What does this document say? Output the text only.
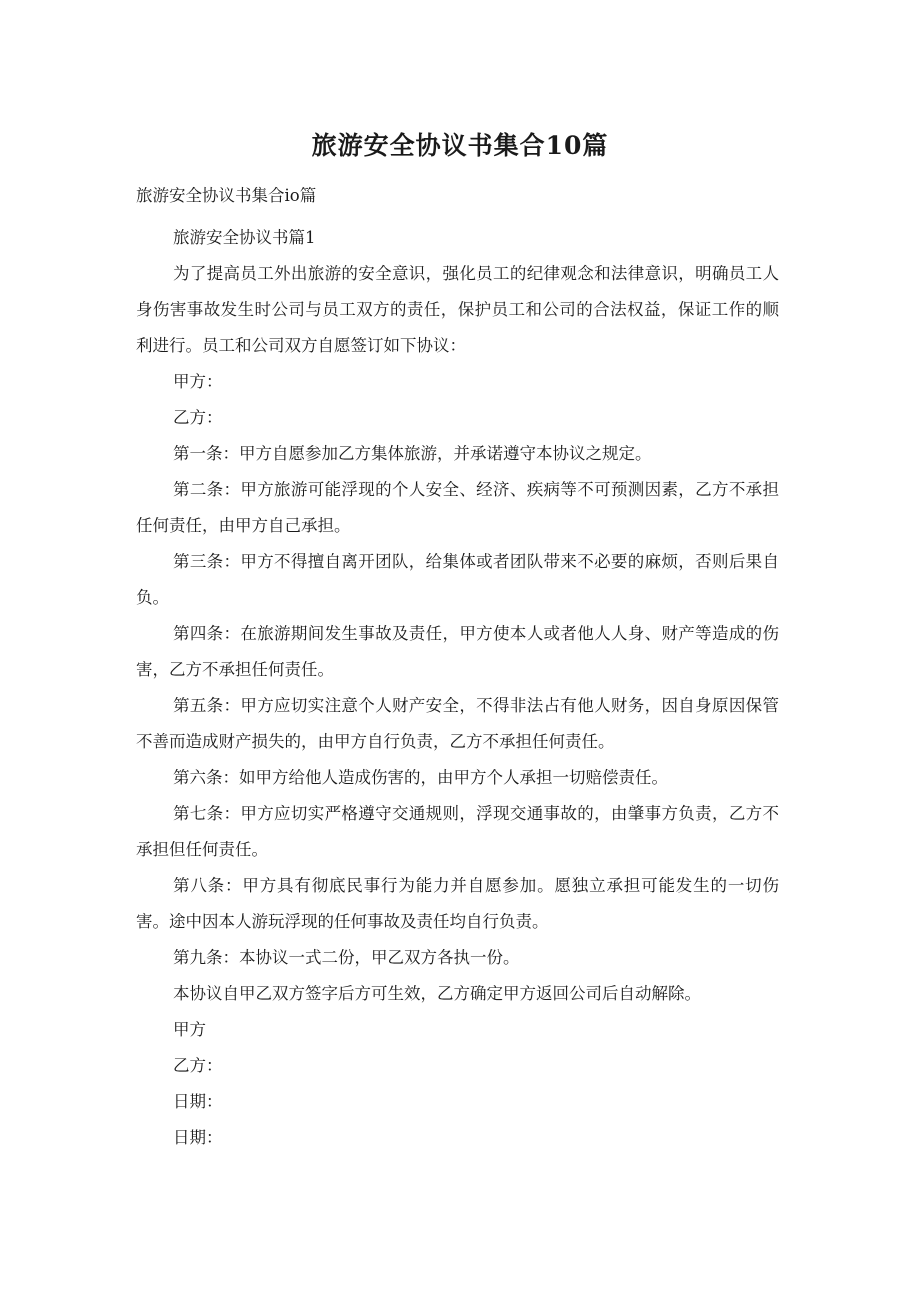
旅游安全协议书集合10篇

旅游安全协议书集合io篇

旅游安全协议书篇1

为了提高员工外出旅游的安全意识，强化员工的纪律观念和法律意识，明确员工人身伤害事故发生时公司与员工双方的责任，保护员工和公司的合法权益，保证工作的顺利进行。员工和公司双方自愿签订如下协议：

甲方：

乙方：

第一条：甲方自愿参加乙方集体旅游，并承诺遵守本协议之规定。

第二条：甲方旅游可能浮现的个人安全、经济、疾病等不可预测因素，乙方不承担任何责任，由甲方自己承担。

第三条：甲方不得擅自离开团队，给集体或者团队带来不必要的麻烦，否则后果自负。

第四条：在旅游期间发生事故及责任，甲方使本人或者他人人身、财产等造成的伤害，乙方不承担任何责任。

第五条：甲方应切实注意个人财产安全，不得非法占有他人财务，因自身原因保管不善而造成财产损失的，由甲方自行负责，乙方不承担任何责任。

第六条：如甲方给他人造成伤害的，由甲方个人承担一切赔偿责任。

第七条：甲方应切实严格遵守交通规则，浮现交通事故的，由肇事方负责，乙方不承担但任何责任。

第八条：甲方具有彻底民事行为能力并自愿参加。愿独立承担可能发生的一切伤害。途中因本人游玩浮现的任何事故及责任均自行负责。

第九条：本协议一式二份，甲乙双方各执一份。

本协议自甲乙双方签字后方可生效，乙方确定甲方返回公司后自动解除。

甲方

乙方：

日期：

日期：
